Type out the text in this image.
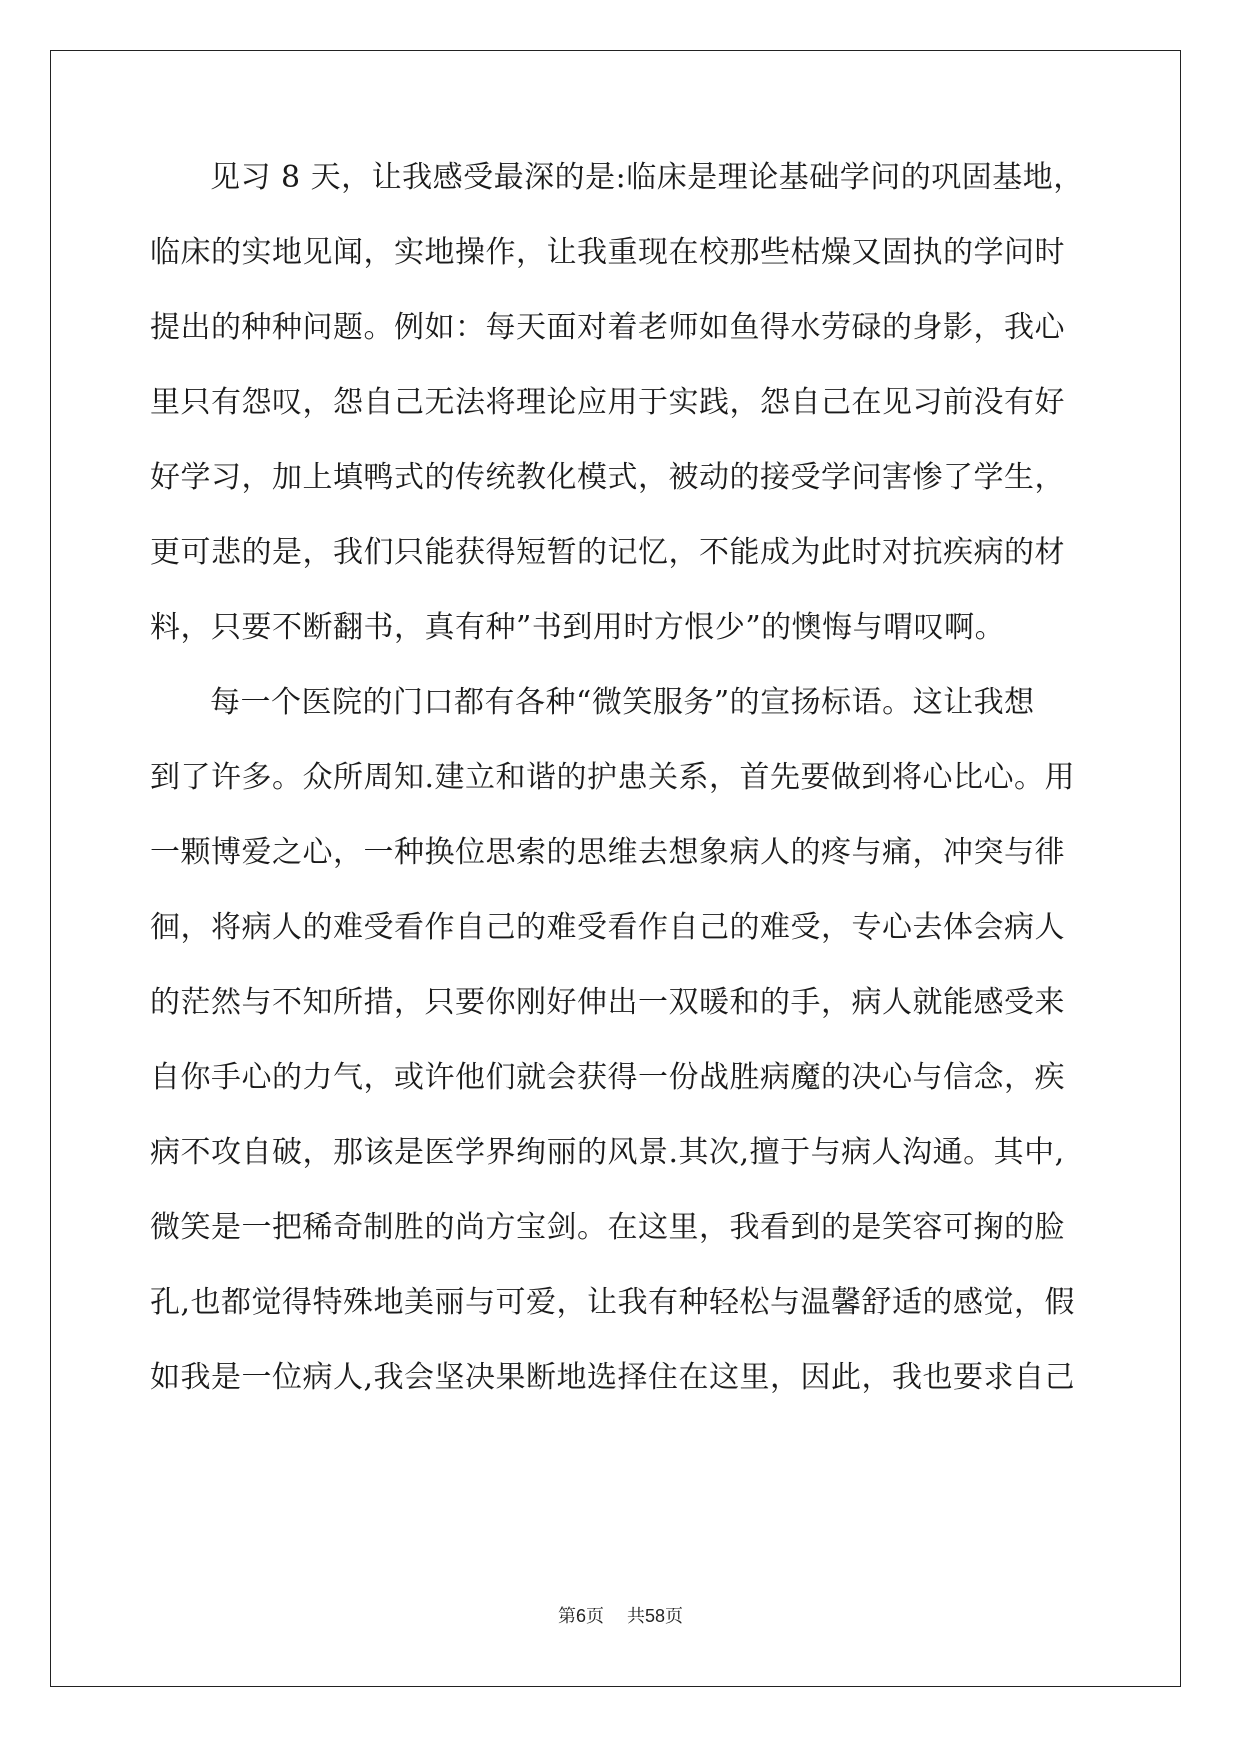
见习 8 天，让我感受最深的是:临床是理论基础学问的巩固基地，
临床的实地见闻，实地操作，让我重现在校那些枯燥又固执的学问时
提出的种种问题。例如：每天面对着老师如鱼得水劳碌的身影，我心
里只有怨叹，怨自己无法将理论应用于实践，怨自己在见习前没有好
好学习，加上填鸭式的传统教化模式，被动的接受学问害惨了学生，
更可悲的是，我们只能获得短暂的记忆，不能成为此时对抗疾病的材
料，只要不断翻书，真有种”书到用时方恨少”的懊悔与喟叹啊。
每一个医院的门口都有各种“微笑服务”的宣扬标语。这让我想
到了许多。众所周知.建立和谐的护患关系，首先要做到将心比心。用
一颗博爱之心，一种换位思索的思维去想象病人的疼与痛，冲突与徘
徊，将病人的难受看作自己的难受看作自己的难受，专心去体会病人
的茫然与不知所措，只要你刚好伸出一双暖和的手，病人就能感受来
自你手心的力气，或许他们就会获得一份战胜病魔的决心与信念，疾
病不攻自破，那该是医学界绚丽的风景.其次,擅于与病人沟通。其中,
微笑是一把稀奇制胜的尚方宝剑。在这里，我看到的是笑容可掬的脸
孔,也都觉得特殊地美丽与可爱，让我有种轻松与温馨舒适的感觉，假
如我是一位病人,我会坚决果断地选择住在这里，因此，我也要求自己
第6页 共58页
